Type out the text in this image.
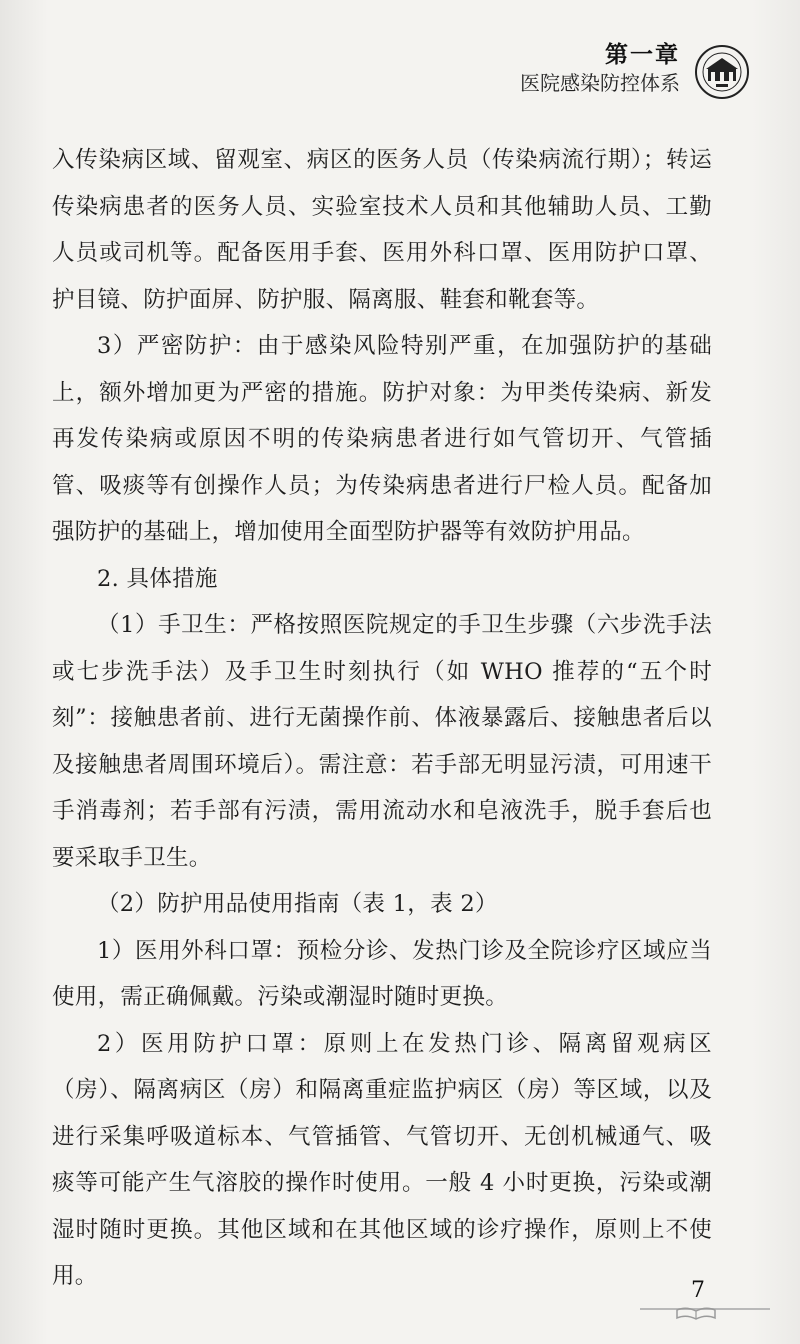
第一章
医院感染防控体系

入传染病区域、留观室、病区的医务人员（传染病流行期）；转运传染病患者的医务人员、实验室技术人员和其他辅助人员、工勤人员或司机等。配备医用手套、医用外科口罩、医用防护口罩、护目镜、防护面屏、防护服、隔离服、鞋套和靴套等。

3）严密防护：由于感染风险特别严重，在加强防护的基础上，额外增加更为严密的措施。防护对象：为甲类传染病、新发再发传染病或原因不明的传染病患者进行如气管切开、气管插管、吸痰等有创操作人员；为传染病患者进行尸检人员。配备加强防护的基础上，增加使用全面型防护器等有效防护用品。

2. 具体措施

（1）手卫生：严格按照医院规定的手卫生步骤（六步洗手法或七步洗手法）及手卫生时刻执行（如 WHO 推荐的“五个时刻”：接触患者前、进行无菌操作前、体液暴露后、接触患者后以及接触患者周围环境后）。需注意：若手部无明显污渍，可用速干手消毒剂；若手部有污渍，需用流动水和皂液洗手，脱手套后也要采取手卫生。

（2）防护用品使用指南（表 1，表 2）

1）医用外科口罩：预检分诊、发热门诊及全院诊疗区域应当使用，需正确佩戴。污染或潮湿时随时更换。

2）医用防护口罩：原则上在发热门诊、隔离留观病区（房）、隔离病区（房）和隔离重症监护病区（房）等区域，以及进行采集呼吸道标本、气管插管、气管切开、无创机械通气、吸痰等可能产生气溶胶的操作时使用。一般 4 小时更换，污染或潮湿时随时更换。其他区域和在其他区域的诊疗操作，原则上不使用。

7
